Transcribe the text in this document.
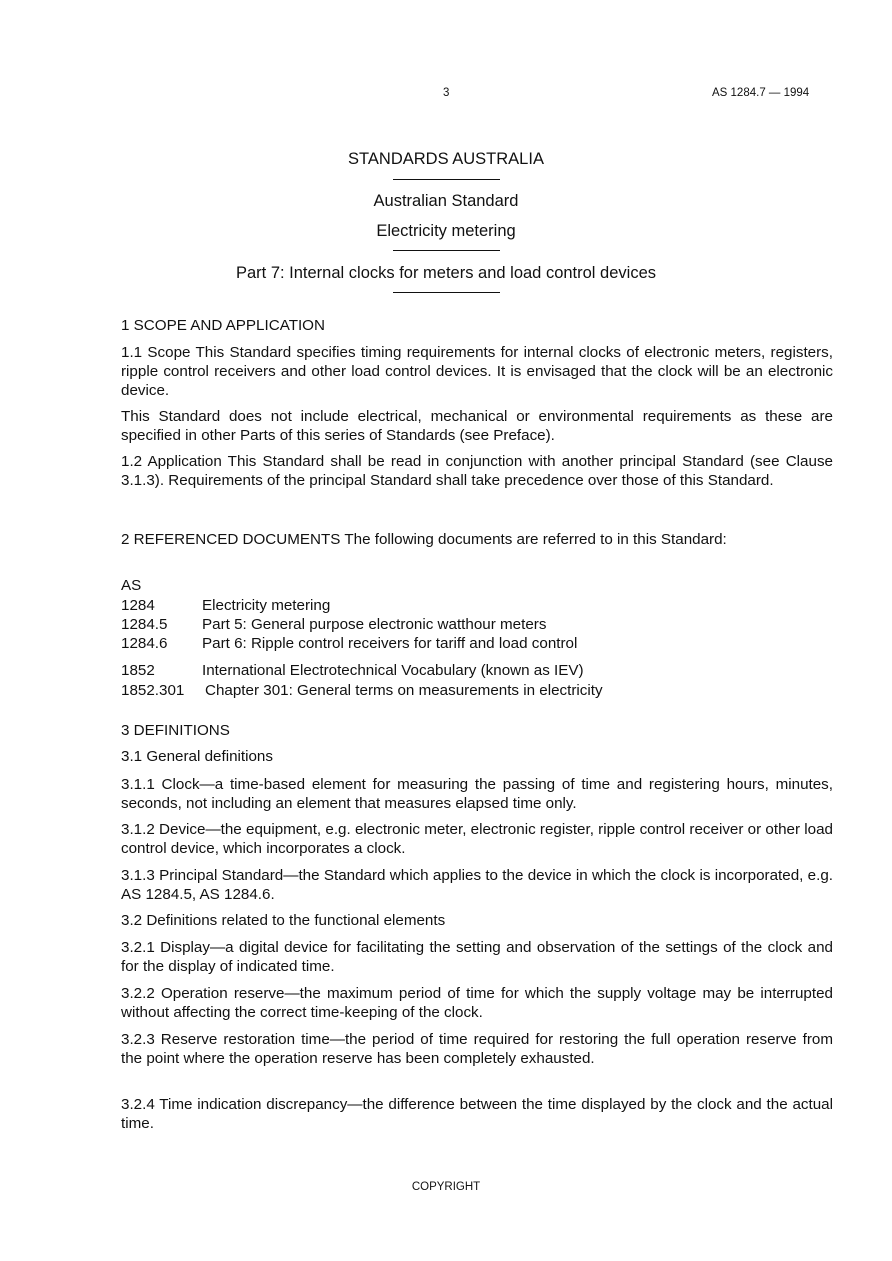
3	AS 1284.7 — 1994
STANDARDS AUSTRALIA
Australian Standard
Electricity metering
Part 7: Internal clocks for meters and load control devices
1 SCOPE AND APPLICATION
1.1 Scope This Standard specifies timing requirements for internal clocks of electronic meters, registers, ripple control receivers and other load control devices. It is envisaged that the clock will be an electronic device.
This Standard does not include electrical, mechanical or environmental requirements as these are specified in other Parts of this series of Standards (see Preface).
1.2 Application This Standard shall be read in conjunction with another principal Standard (see Clause 3.1.3). Requirements of the principal Standard shall take precedence over those of this Standard.
2 REFERENCED DOCUMENTS The following documents are referred to in this Standard:
AS
1284	Electricity metering
1284.5 Part 5: General purpose electronic watthour meters
1284.6 Part 6: Ripple control receivers for tariff and load control
1852	International Electrotechnical Vocabulary (known as IEV)
1852.301 Chapter 301: General terms on measurements in electricity
3 DEFINITIONS
3.1 General definitions
3.1.1 Clock—a time-based element for measuring the passing of time and registering hours, minutes, seconds, not including an element that measures elapsed time only.
3.1.2 Device—the equipment, e.g. electronic meter, electronic register, ripple control receiver or other load control device, which incorporates a clock.
3.1.3 Principal Standard—the Standard which applies to the device in which the clock is incorporated, e.g. AS 1284.5, AS 1284.6.
3.2 Definitions related to the functional elements
3.2.1 Display—a digital device for facilitating the setting and observation of the settings of the clock and for the display of indicated time.
3.2.2 Operation reserve—the maximum period of time for which the supply voltage may be interrupted without affecting the correct time-keeping of the clock.
3.2.3 Reserve restoration time—the period of time required for restoring the full operation reserve from the point where the operation reserve has been completely exhausted.
3.2.4 Time indication discrepancy—the difference between the time displayed by the clock and the actual time.
COPYRIGHT
